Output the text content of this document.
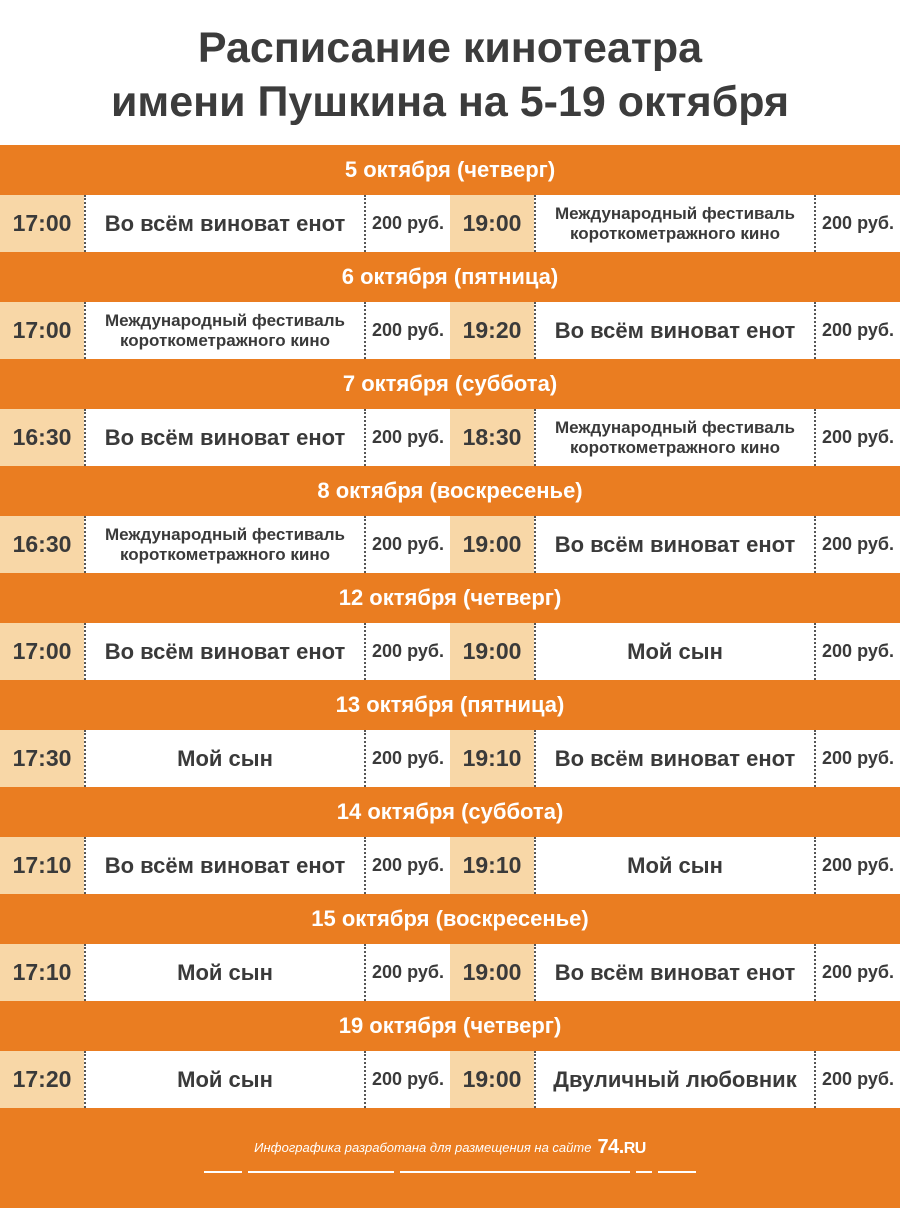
Расписание кинотеатра
имени Пушкина на 5-19 октября
5 октября (четверг)
17:00	Во всём виноват енот	200 руб. 19:00	Международный фестиваль короткометражного кино	200 руб.
6 октября (пятница)
17:00	Международный фестиваль короткометражного кино	200 руб. 19:20	Во всём виноват енот	200 руб.
7 октября (суббота)
16:30	Во всём виноват енот	200 руб. 18:30	Международный фестиваль короткометражного кино	200 руб.
8 октября (воскресенье)
16:30	Международный фестиваль короткометражного кино	200 руб. 19:00	Во всём виноват енот	200 руб.
12 октября (четверг)
17:00	Во всём виноват енот	200 руб. 19:00	Мой сын	200 руб.
13 октября (пятница)
17:30	Мой сын	200 руб. 19:10	Во всём виноват енот	200 руб.
14 октября (суббота)
17:10	Во всём виноват енот	200 руб. 19:10	Мой сын	200 руб.
15 октября (воскресенье)
17:10	Мой сын	200 руб. 19:00	Во всём виноват енот	200 руб.
19 октября (четверг)
17:20	Мой сын	200 руб. 19:00	Двуличный любовник	200 руб.
Инфографика разработана для размещения на сайте 74.RU
